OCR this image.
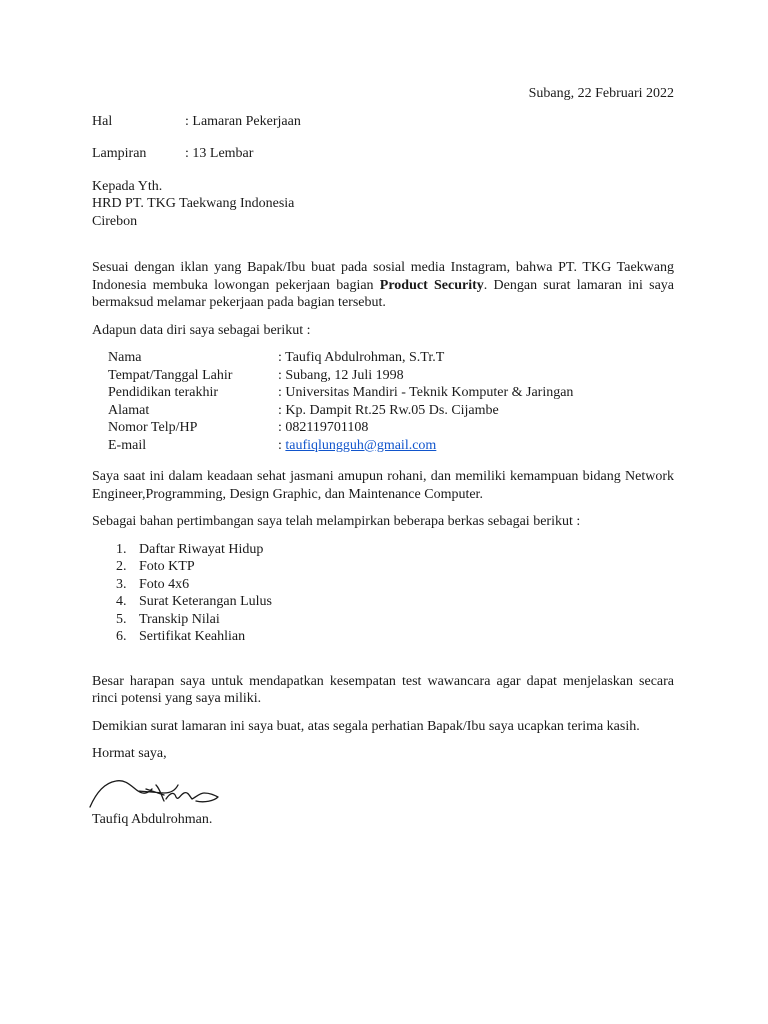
Subang, 22 Februari 2022
Hal	: Lamaran Pekerjaan
Lampiran	: 13 Lembar
Kepada Yth.
HRD PT. TKG Taekwang Indonesia
Cirebon
Sesuai dengan iklan yang Bapak/Ibu buat pada sosial media Instagram, bahwa PT. TKG Taekwang Indonesia membuka lowongan pekerjaan bagian Product Security. Dengan surat lamaran ini saya bermaksud melamar pekerjaan pada bagian tersebut.
Adapun data diri saya sebagai berikut :
Nama	: Taufiq Abdulrohman, S.Tr.T
Tempat/Tanggal Lahir	: Subang, 12 Juli 1998
Pendidikan terakhir	: Universitas Mandiri - Teknik Komputer & Jaringan
Alamat	: Kp. Dampit Rt.25 Rw.05 Ds. Cijambe
Nomor Telp/HP	: 082119701108
E-mail	: taufiqlungguh@gmail.com
Saya saat ini dalam keadaan sehat jasmani amupun rohani, dan memiliki kemampuan bidang Network Engineer,Programming, Design Graphic, dan Maintenance Computer.
Sebagai bahan pertimbangan saya telah melampirkan beberapa berkas sebagai berikut :
1. Daftar Riwayat Hidup
2. Foto KTP
3. Foto 4x6
4. Surat Keterangan Lulus
5. Transkip Nilai
6. Sertifikat Keahlian
Besar harapan saya untuk mendapatkan kesempatan test wawancara agar dapat menjelaskan secara rinci potensi yang saya miliki.
Demikian surat lamaran ini saya buat, atas segala perhatian Bapak/Ibu saya ucapkan terima kasih.
Hormat saya,
Taufiq Abdulrohman.
